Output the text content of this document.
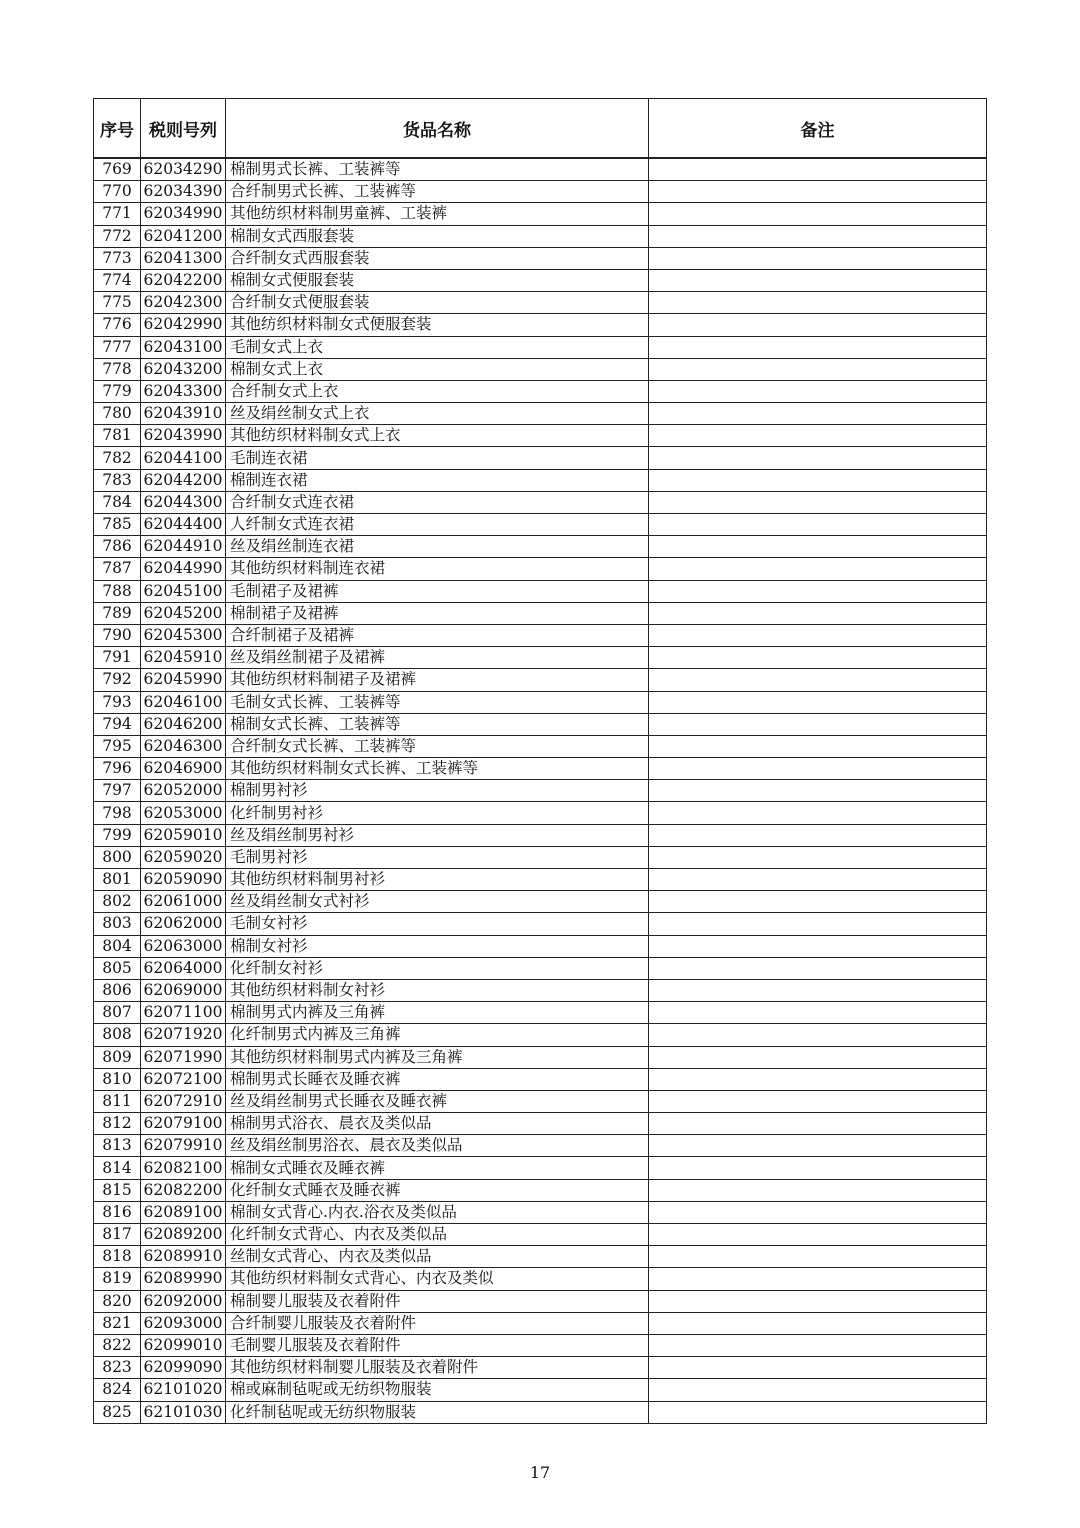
序号	税则号列	货品名称	备注
769	62034290	棉制男式长裤、工装裤等	
770	62034390	合纤制男式长裤、工装裤等	
771	62034990	其他纺织材料制男童裤、工装裤	
772	62041200	棉制女式西服套装	
773	62041300	合纤制女式西服套装	
774	62042200	棉制女式便服套装	
775	62042300	合纤制女式便服套装	
776	62042990	其他纺织材料制女式便服套装	
777	62043100	毛制女式上衣	
778	62043200	棉制女式上衣	
779	62043300	合纤制女式上衣	
780	62043910	丝及绢丝制女式上衣	
781	62043990	其他纺织材料制女式上衣	
782	62044100	毛制连衣裙	
783	62044200	棉制连衣裙	
784	62044300	合纤制女式连衣裙	
785	62044400	人纤制女式连衣裙	
786	62044910	丝及绢丝制连衣裙	
787	62044990	其他纺织材料制连衣裙	
788	62045100	毛制裙子及裙裤	
789	62045200	棉制裙子及裙裤	
790	62045300	合纤制裙子及裙裤	
791	62045910	丝及绢丝制裙子及裙裤	
792	62045990	其他纺织材料制裙子及裙裤	
793	62046100	毛制女式长裤、工装裤等	
794	62046200	棉制女式长裤、工装裤等	
795	62046300	合纤制女式长裤、工装裤等	
796	62046900	其他纺织材料制女式长裤、工装裤等	
797	62052000	棉制男衬衫	
798	62053000	化纤制男衬衫	
799	62059010	丝及绢丝制男衬衫	
800	62059020	毛制男衬衫	
801	62059090	其他纺织材料制男衬衫	
802	62061000	丝及绢丝制女式衬衫	
803	62062000	毛制女衬衫	
804	62063000	棉制女衬衫	
805	62064000	化纤制女衬衫	
806	62069000	其他纺织材料制女衬衫	
807	62071100	棉制男式内裤及三角裤	
808	62071920	化纤制男式内裤及三角裤	
809	62071990	其他纺织材料制男式内裤及三角裤	
810	62072100	棉制男式长睡衣及睡衣裤	
811	62072910	丝及绢丝制男式长睡衣及睡衣裤	
812	62079100	棉制男式浴衣、晨衣及类似品	
813	62079910	丝及绢丝制男浴衣、晨衣及类似品	
814	62082100	棉制女式睡衣及睡衣裤	
815	62082200	化纤制女式睡衣及睡衣裤	
816	62089100	棉制女式背心.内衣.浴衣及类似品	
817	62089200	化纤制女式背心、内衣及类似品	
818	62089910	丝制女式背心、内衣及类似品	
819	62089990	其他纺织材料制女式背心、内衣及类似	
820	62092000	棉制婴儿服装及衣着附件	
821	62093000	合纤制婴儿服装及衣着附件	
822	62099010	毛制婴儿服装及衣着附件	
823	62099090	其他纺织材料制婴儿服装及衣着附件	
824	62101020	棉或麻制毡呢或无纺织物服装	
825	62101030	化纤制毡呢或无纺织物服装	
17
